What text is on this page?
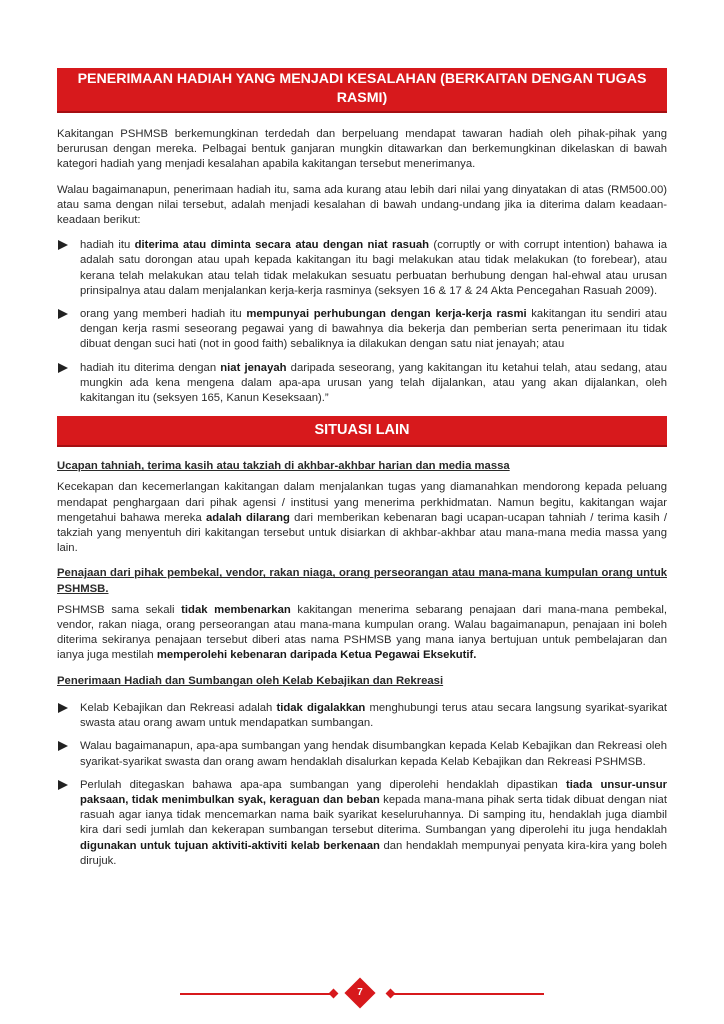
PENERIMAAN HADIAH YANG MENJADI KESALAHAN (BERKAITAN DENGAN TUGAS RASMI)

Kakitangan PSHMSB berkemungkinan terdedah dan berpeluang mendapat tawaran hadiah oleh pihak-pihak yang berurusan dengan mereka. Pelbagai bentuk ganjaran mungkin ditawarkan dan berkemungkinan dikelaskan di bawah kategori hadiah yang menjadi kesalahan apabila kakitangan tersebut menerimanya.

Walau bagaimanapun, penerimaan hadiah itu, sama ada kurang atau lebih dari nilai yang dinyatakan di atas (RM500.00) atau sama dengan nilai tersebut, adalah menjadi kesalahan di bawah undang-undang jika ia diterima dalam keadaan-keadaan berikut:

hadiah itu diterima atau diminta secara atau dengan niat rasuah (corruptly or with corrupt intention) bahawa ia adalah satu dorongan atau upah kepada kakitangan itu bagi melakukan atau tidak melakukan (to forebear), atau kerana telah melakukan atau telah tidak melakukan sesuatu perbuatan berhubung dengan hal-ehwal atau urusan prinsipalnya atau dalam menjalankan kerja-kerja rasminya (seksyen 16 & 17 & 24 Akta Pencegahan Rasuah 2009).

orang yang memberi hadiah itu mempunyai perhubungan dengan kerja-kerja rasmi kakitangan itu sendiri atau dengan kerja rasmi seseorang pegawai yang di bawahnya dia bekerja dan pemberian serta penerimaan itu tidak dibuat dengan suci hati (not in good faith) sebaliknya ia dilakukan dengan satu niat jenayah; atau

hadiah itu diterima dengan niat jenayah daripada seseorang, yang kakitangan itu ketahui telah, atau sedang, atau mungkin ada kena mengena dalam apa-apa urusan yang telah dijalankan, atau yang akan dijalankan, oleh kakitangan itu (seksyen 165, Kanun Keseksaan).”

SITUASI LAIN
Ucapan tahniah, terima kasih atau takziah di akhbar-akhbar harian dan media massa

Kecekapan dan kecemerlangan kakitangan dalam menjalankan tugas yang diamanahkan mendorong kepada peluang mendapat penghargaan dari pihak agensi / institusi yang menerima perkhidmatan. Namun begitu, kakitangan wajar mengetahui bahawa mereka adalah dilarang dari memberikan kebenaran bagi ucapan-ucapan tahniah / terima kasih / takziah yang menyentuh diri kakitangan tersebut untuk disiarkan di akhbar-akhbar atau mana-mana media massa yang lain.

Penajaan dari pihak pembekal, vendor, rakan niaga, orang perseorangan atau mana-mana kumpulan orang untuk PSHMSB.

PSHMSB sama sekali tidak membenarkan kakitangan menerima sebarang penajaan dari mana-mana pembekal, vendor, rakan niaga, orang perseorangan atau mana-mana kumpulan orang. Walau bagaimanapun, penajaan ini boleh diterima sekiranya penajaan tersebut diberi atas nama PSHMSB yang mana ianya bertujuan untuk pembelajaran dan ianya juga mestilah memperolehi kebenaran daripada Ketua Pegawai Eksekutif.

Penerimaan Hadiah dan Sumbangan oleh Kelab Kebajikan dan Rekreasi

Kelab Kebajikan dan Rekreasi adalah tidak digalakkan menghubungi terus atau secara langsung syarikat-syarikat swasta atau orang awam untuk mendapatkan sumbangan.

Walau bagaimanapun, apa-apa sumbangan yang hendak disumbangkan kepada Kelab Kebajikan dan Rekreasi oleh syarikat-syarikat swasta dan orang awam hendaklah disalurkan kepada Kelab Kebajikan dan Rekreasi PSHMSB.

Perlulah ditegaskan bahawa apa-apa sumbangan yang diperolehi hendaklah dipastikan tiada unsur-unsur paksaan, tidak menimbulkan syak, keraguan dan beban kepada mana-mana pihak serta tidak dibuat dengan niat rasuah agar ianya tidak mencemarkan nama baik syarikat keseluruhannya. Di samping itu, hendaklah juga diambil kira dari sedi jumlah dan kekerapan sumbangan tersebut diterima. Sumbangan yang diperolehi itu juga hendaklah digunakan untuk tujuan aktiviti-aktiviti kelab berkenaan dan hendaklah mempunyai penyata kira-kira yang boleh dirujuk.

7
